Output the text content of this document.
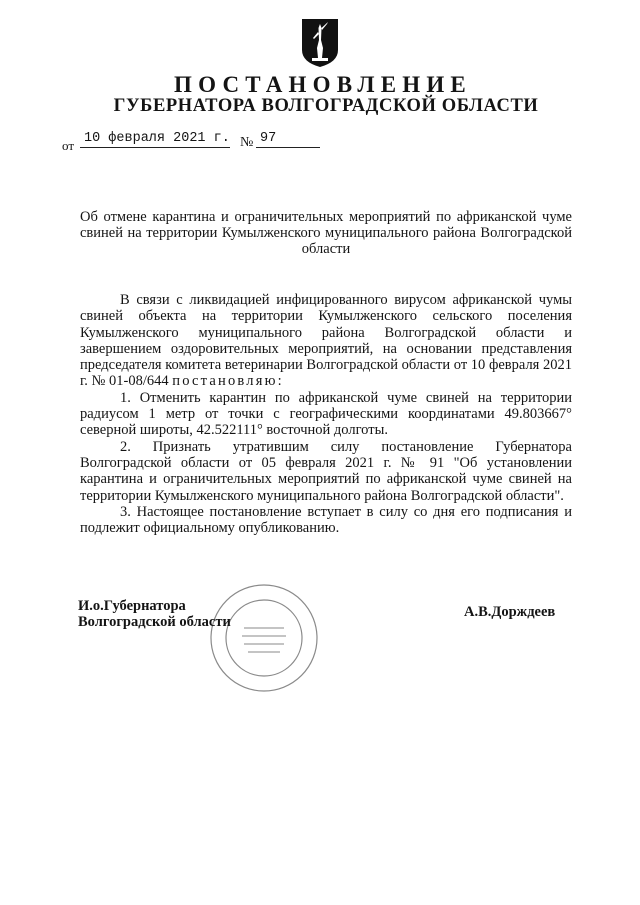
ПОСТАНОВЛЕНИЕ
ГУБЕРНАТОРА ВОЛГОГРАДСКОЙ ОБЛАСТИ
от 10 февраля 2021 г. № 97
Об отмене карантина и ограничительных мероприятий по африканской чуме свиней на территории Кумылженского муниципального района Волгоградской области

В связи с ликвидацией инфицированного вирусом африканской чумы свиней объекта на территории Кумылженского сельского поселения Кумылженского муниципального района Волгоградской области и завершением оздоровительных мероприятий, на основании представления председателя комитета ветеринарии Волгоградской области от 10 февраля 2021 г. № 01-08/644 постановляю:

1. Отменить карантин по африканской чуме свиней на территории радиусом 1 метр от точки с географическими координатами 49.803667° северной широты, 42.522111° восточной долготы.

2. Признать утратившим силу постановление Губернатора Волгоградской области от 05 февраля 2021 г. № 91 "Об установлении карантина и ограничительных мероприятий по африканской чуме свиней на территории Кумылженского муниципального района Волгоградской области".

3. Настоящее постановление вступает в силу со дня его подписания и подлежит официальному опубликованию.

И.о.Губернатора
Волгоградской области
А.В.Дорждеев
